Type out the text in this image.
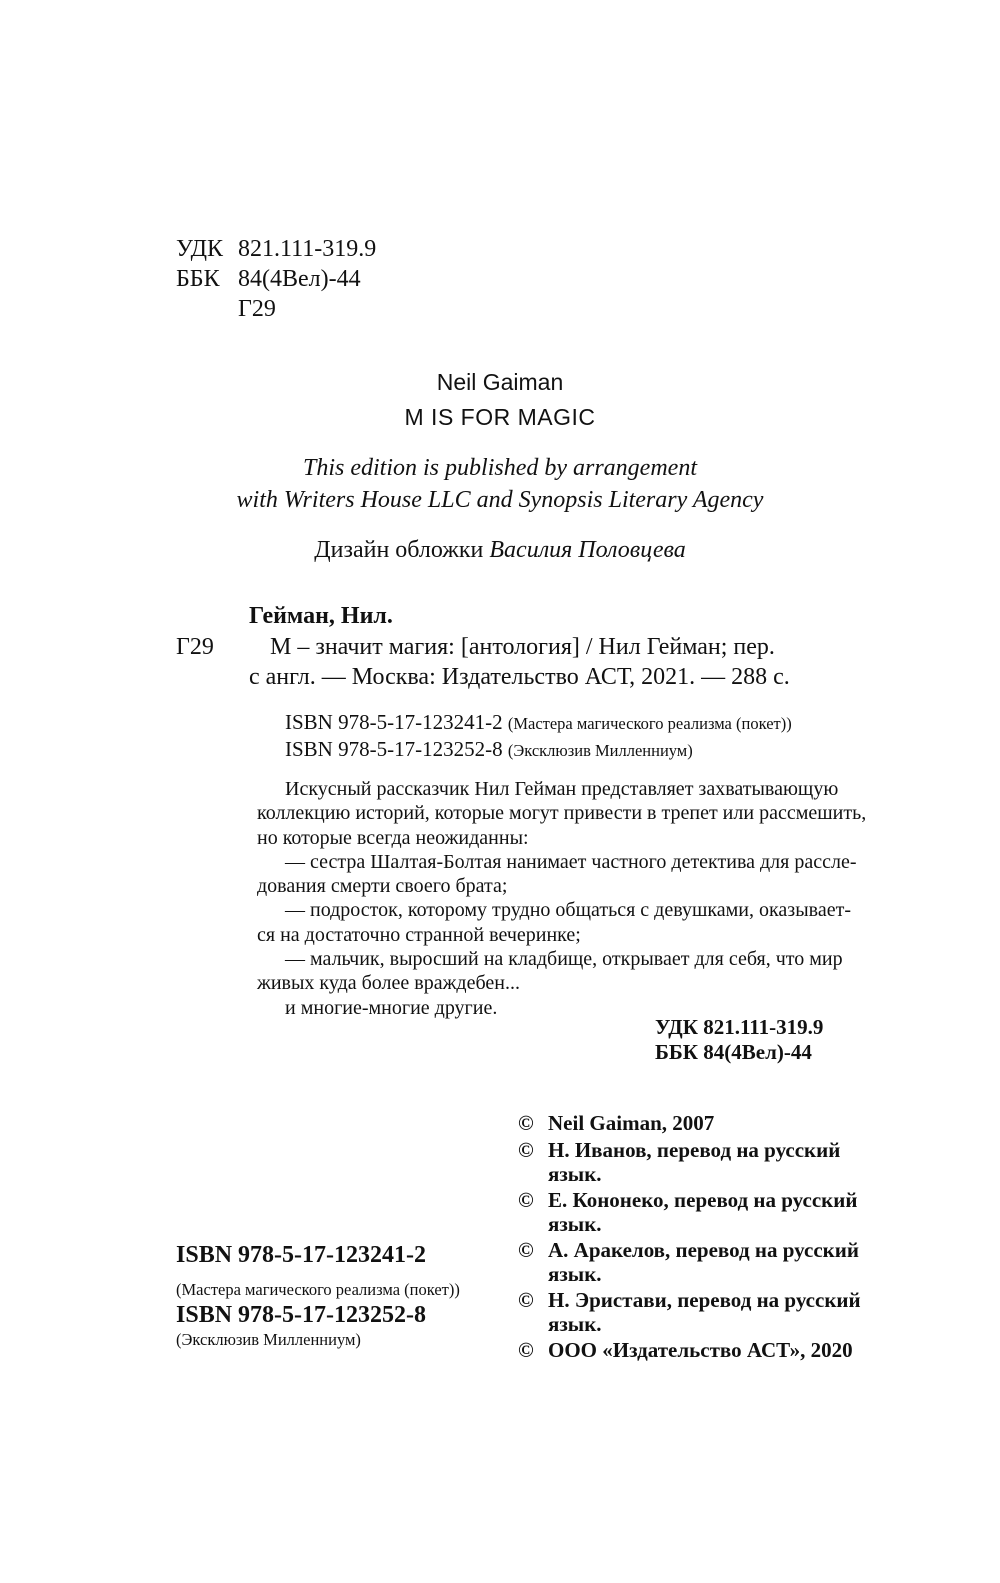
УДК 821.111-319.9
ББК 84(4Вел)-44
Г29
Neil Gaiman
M IS FOR MAGIC
This edition is published by arrangement
with Writers House LLC and Synopsis Literary Agency
Дизайн обложки Василия Половцева
Гейман, Нил.
Г29 М – значит магия: [антология] / Нил Гейман; пер.
с англ. — Москва: Издательство АСТ, 2021. — 288 с.
ISBN 978-5-17-123241-2 (Мастера магического реализма (покет))
ISBN 978-5-17-123252-8 (Эксклюзив Милленниум)

Искусный рассказчик Нил Гейман представляет захватывающую

коллекцию историй, которые могут привести в трепет или рассмешить,

но которые всегда неожиданны:

— сестра Шалтая-Болтая нанимает частного детектива для рассле-

дования смерти своего брата;

— подросток, которому трудно общаться с девушками, оказывает-

ся на достаточно странной вечеринке;

— мальчик, выросший на кладбище, открывает для себя, что мир

живых куда более враждебен...

и многие-многие другие.

УДК 821.111-319.9
ББК 84(4Вел)-44
© Neil Gaiman, 2007
© Н. Иванов, перевод на русский язык.
© Е. Кононеко, перевод на русский язык.
© А. Аракелов, перевод на русский язык.
© Н. Эристави, перевод на русский язык.
© ООО «Издательство АСТ», 2020
ISBN 978-5-17-123241-2
(Мастера магического реализма (покет))
ISBN 978-5-17-123252-8
(Эксклюзив Милленниум)
